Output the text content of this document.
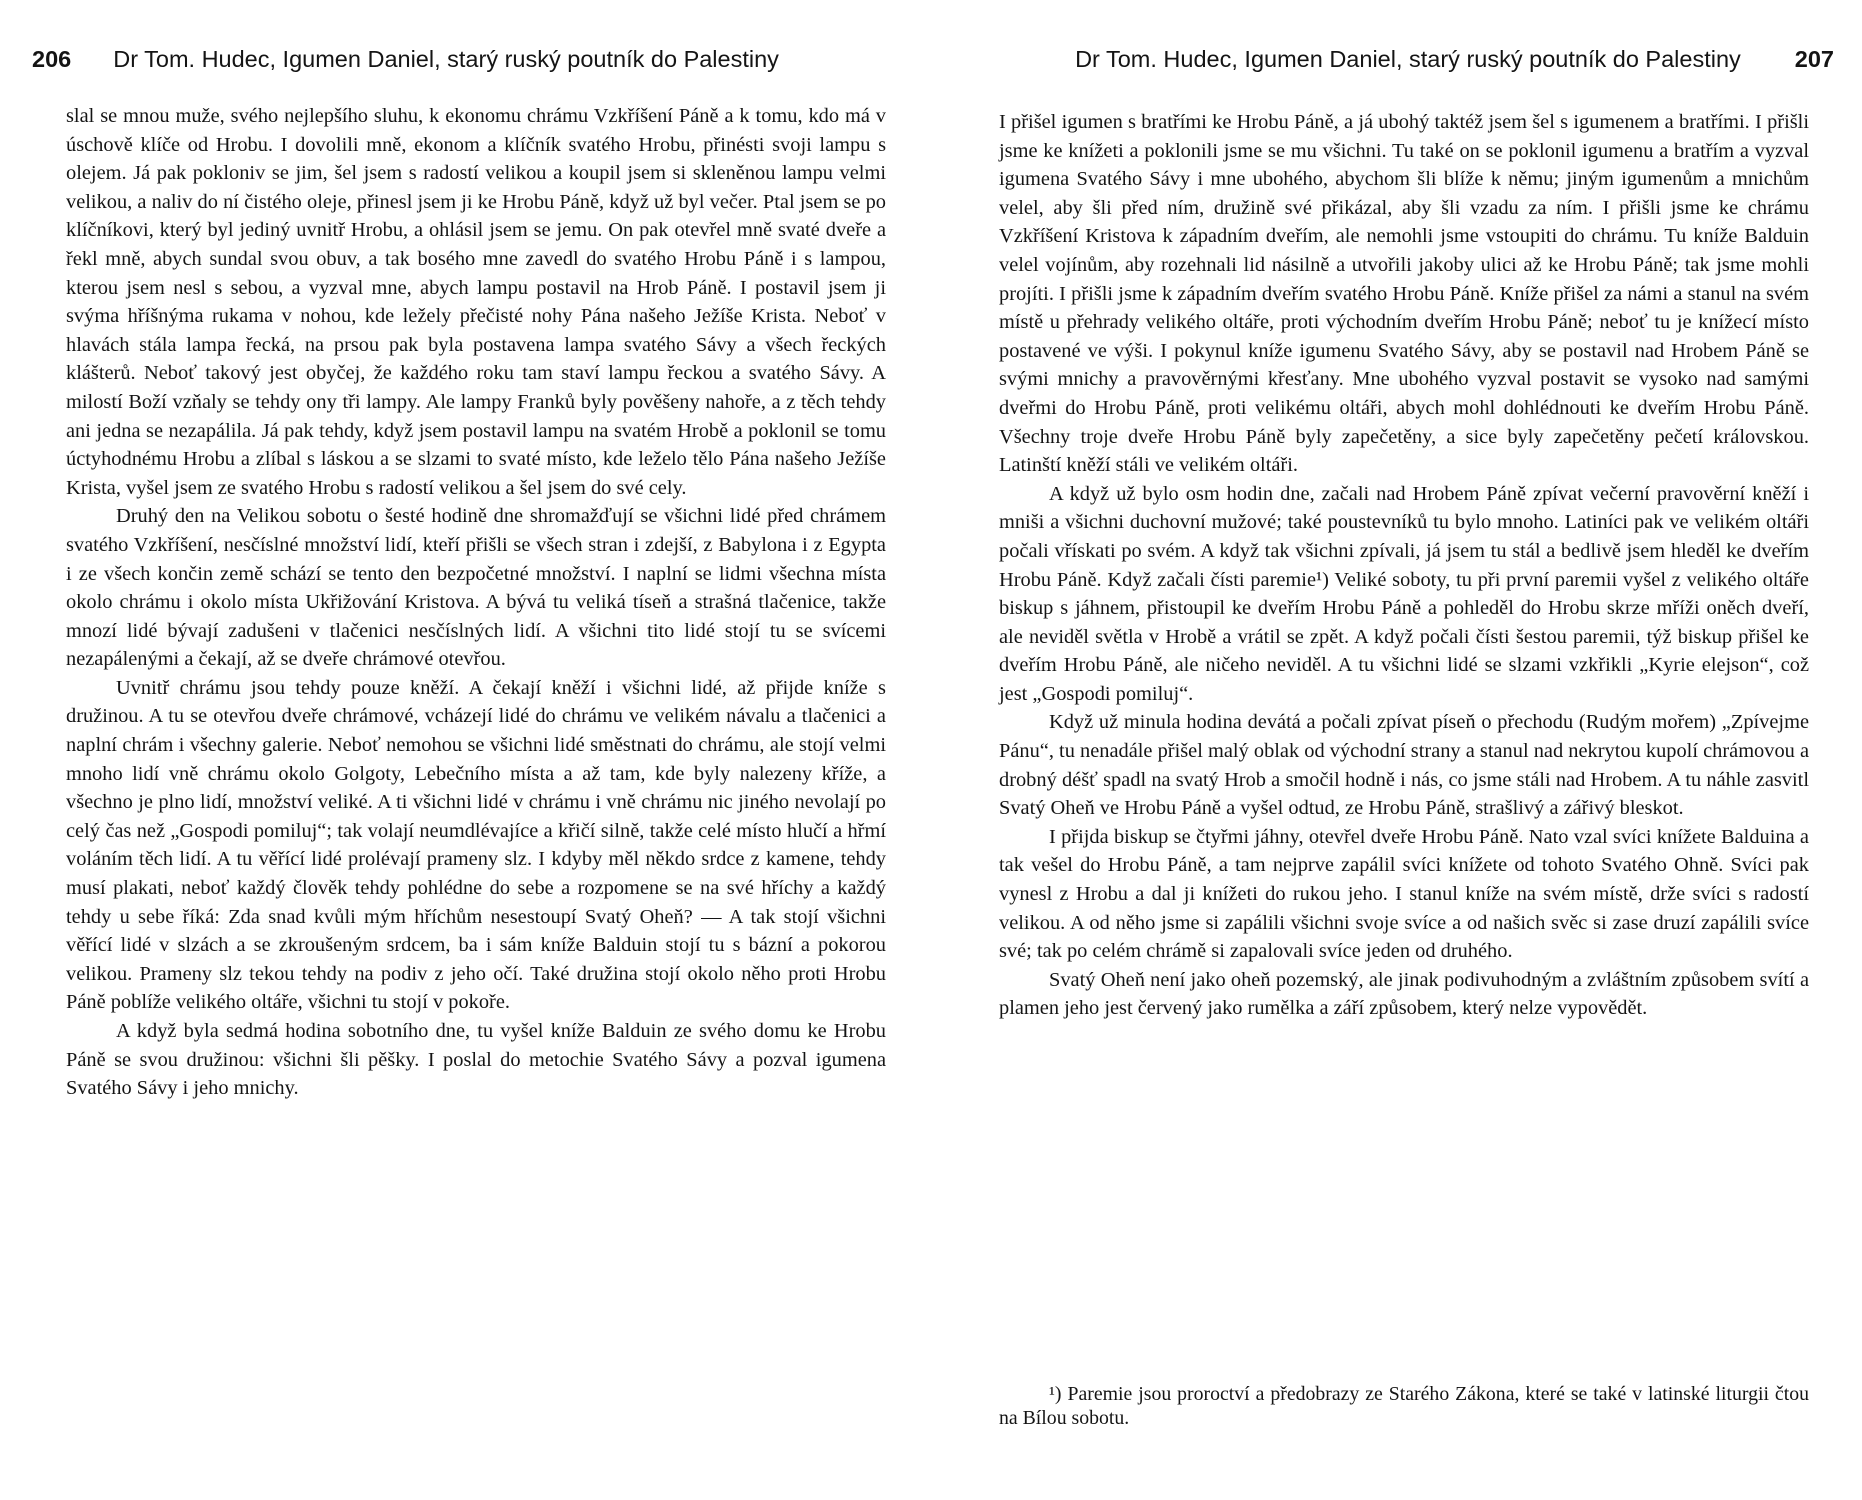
206 Dr Tom. Hudec, Igumen Daniel, starý ruský poutník do Palestiny

slal se mnou muže, svého nejlepšího sluhu, k ekonomu chrámu Vzkříšení Páně a k tomu, kdo má v úschově klíče od Hrobu. I dovolili mně, ekonom a klíčník svatého Hrobu, přinésti svoji lampu s olejem. Já pak pokloniv se jim, šel jsem s radostí velikou a koupil jsem si skleněnou lampu velmi velikou, a naliv do ní čistého oleje, přinesl jsem ji ke Hrobu Páně, když už byl večer. Ptal jsem se po klíčníkovi, který byl jediný uvnitř Hrobu, a ohlásil jsem se jemu. On pak otevřel mně svaté dveře a řekl mně, abych sundal svou obuv, a tak bosého mne zavedl do svatého Hrobu Páně i s lampou, kterou jsem nesl s sebou, a vyzval mne, abych lampu postavil na Hrob Páně. I postavil jsem ji svýma hříšnýma rukama v nohou, kde ležely přečisté nohy Pána našeho Ježíše Krista. Neboť v hlavách stála lampa řecká, na prsou pak byla postavena lampa svatého Sávy a všech řeckých klášterů. Neboť takový jest obyčej, že každého roku tam staví lampu řeckou a svatého Sávy. A milostí Boží vzňaly se tehdy ony tři lampy. Ale lampy Franků byly pověšeny nahoře, a z těch tehdy ani jedna se nezapálila. Já pak tehdy, když jsem postavil lampu na svatém Hrobě a poklonil se tomu úctyhodnému Hrobu a zlíbal s láskou a se slzami to svaté místo, kde leželo tělo Pána našeho Ježíše Krista, vyšel jsem ze svatého Hrobu s radostí velikou a šel jsem do své cely.

Druhý den na Velikou sobotu o šesté hodině dne shromažďují se všichni lidé před chrámem svatého Vzkříšení, nesčíslné množství lidí, kteří přišli se všech stran i zdejší, z Babylona i z Egypta i ze všech končin země schází se tento den bezpočetné množství. I naplní se lidmi všechna místa okolo chrámu i okolo místa Ukřižování Kristova. A bývá tu veliká tíseň a strašná tlačenice, takže mnozí lidé bývají zadušeni v tlačenici nesčíslných lidí. A všichni tito lidé stojí tu se svícemi nezapálenými a čekají, až se dveře chrámové otevřou.

Uvnitř chrámu jsou tehdy pouze kněží. A čekají kněží i všichni lidé, až přijde kníže s družinou. A tu se otevřou dveře chrámové, vcházejí lidé do chrámu ve velikém návalu a tlačenici a naplní chrám i všechny galerie. Neboť nemohou se všichni lidé směstnati do chrámu, ale stojí velmi mnoho lidí vně chrámu okolo Golgoty, Lebečního místa a až tam, kde byly nalezeny kříže, a všechno je plno lidí, množství veliké. A ti všichni lidé v chrámu i vně chrámu nic jiného nevolají po celý čas než „Gospodi pomiluj“; tak volají neumdlévajíce a křičí silně, takže celé místo hlučí a hřmí voláním těch lidí. A tu věřící lidé prolévají prameny slz. I kdyby měl někdo srdce z kamene, tehdy musí plakati, neboť každý člověk tehdy pohlédne do sebe a rozpomene se na své hříchy a každý tehdy u sebe říká: Zda snad kvůli mým hříchům nesestoupí Svatý Oheň? — A tak stojí všichni věřící lidé v slzách a se zkroušeným srdcem, ba i sám kníže Balduin stojí tu s bázní a pokorou velikou. Prameny slz tekou tehdy na podiv z jeho očí. Také družina stojí okolo něho proti Hrobu Páně poblíže velikého oltáře, všichni tu stojí v pokoře.

A když byla sedmá hodina sobotního dne, tu vyšel kníže Balduin ze svého domu ke Hrobu Páně se svou družinou: všichni šli pěšky. I poslal do metochie Svatého Sávy a pozval igumena Svatého Sávy i jeho mnichy.

Dr Tom. Hudec, Igumen Daniel, starý ruský poutník do Palestiny 207

I přišel igumen s bratřími ke Hrobu Páně, a já ubohý taktéž jsem šel s igumenem a bratřími. I přišli jsme ke knížeti a poklonili jsme se mu všichni. Tu také on se poklonil igumenu a bratřím a vyzval igumena Svatého Sávy i mne ubohého, abychom šli blíže k němu; jiným igumenům a mnichům velel, aby šli před ním, družině své přikázal, aby šli vzadu za ním. I přišli jsme ke chrámu Vzkříšení Kristova k západním dveřím, ale nemohli jsme vstoupiti do chrámu. Tu kníže Balduin velel vojínům, aby rozehnali lid násilně a utvořili jakoby ulici až ke Hrobu Páně; tak jsme mohli projíti. I přišli jsme k západním dveřím svatého Hrobu Páně. Kníže přišel za námi a stanul na svém místě u přehrady velikého oltáře, proti východním dveřím Hrobu Páně; neboť tu je knížecí místo postavené ve výši. I pokynul kníže igumenu Svatého Sávy, aby se postavil nad Hrobem Páně se svými mnichy a pravověrnými křesťany. Mne ubohého vyzval postavit se vysoko nad samými dveřmi do Hrobu Páně, proti velikému oltáři, abych mohl dohlédnouti ke dveřím Hrobu Páně. Všechny troje dveře Hrobu Páně byly zapečetěny, a sice byly zapečetěny pečetí královskou. Latinští kněží stáli ve velikém oltáři.

A když už bylo osm hodin dne, začali nad Hrobem Páně zpívat večerní pravověrní kněží i mniši a všichni duchovní mužové; také poustevníků tu bylo mnoho. Latiníci pak ve velikém oltáři počali vřískati po svém. A když tak všichni zpívali, já jsem tu stál a bedlivě jsem hleděl ke dveřím Hrobu Páně. Když začali čísti paremie¹) Veliké soboty, tu při první paremii vyšel z velikého oltáře biskup s jáhnem, přistoupil ke dveřím Hrobu Páně a pohleděl do Hrobu skrze mříži oněch dveří, ale neviděl světla v Hrobě a vrátil se zpět. A když počali čísti šestou paremii, týž biskup přišel ke dveřím Hrobu Páně, ale ničeho neviděl. A tu všichni lidé se slzami vzkřikli „Kyrie elejson“, což jest „Gospodi pomiluj“.

Když už minula hodina devátá a počali zpívat píseň o přechodu (Rudým mořem) „Zpívejme Pánu“, tu nenadále přišel malý oblak od východní strany a stanul nad nekrytou kupolí chrámovou a drobný déšť spadl na svatý Hrob a smočil hodně i nás, co jsme stáli nad Hrobem. A tu náhle zasvitl Svatý Oheň ve Hrobu Páně a vyšel odtud, ze Hrobu Páně, strašlivý a zářivý bleskot.

I přijda biskup se čtyřmi jáhny, otevřel dveře Hrobu Páně. Nato vzal svíci knížete Balduina a tak vešel do Hrobu Páně, a tam nejprve zapálil svíci knížete od tohoto Svatého Ohně. Svíci pak vynesl z Hrobu a dal ji knížeti do rukou jeho. I stanul kníže na svém místě, drže svíci s radostí velikou. A od něho jsme si zapálili všichni svoje svíce a od našich svěc si zase druzí zapálili svíce své; tak po celém chrámě si zapalovali svíce jeden od druhého.

Svatý Oheň není jako oheň pozemský, ale jinak podivuhodným a zvláštním způsobem svítí a plamen jeho jest červený jako rumělka a září způsobem, který nelze vypovědět.

¹) Paremie jsou proroctví a předobrazy ze Starého Zákona, které se také v latinské liturgii čtou na Bílou sobotu.
